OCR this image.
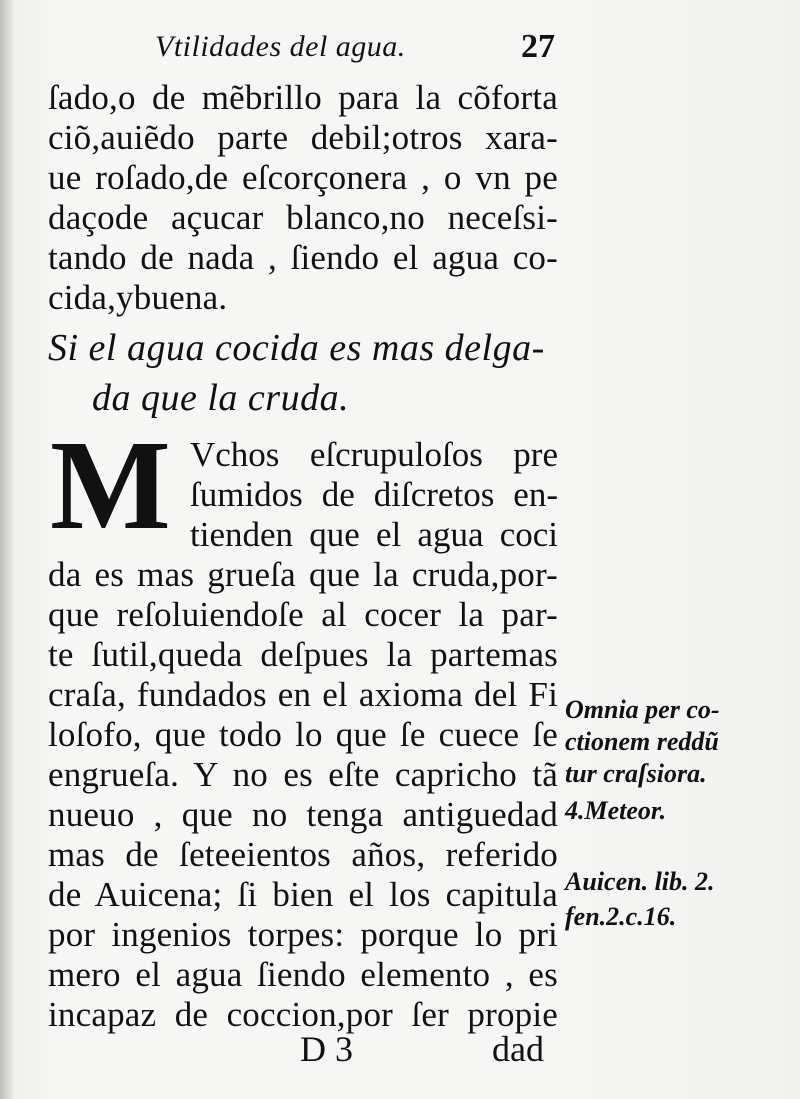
Vtilidades del agua.	27
ſado,o de mẽbrillo para la cõforta
ciõ,auiẽdo parte debil;otros xara-
ue roſado,de eſcorçonera , o vn pe
daçode açucar blanco,no neceſsi-
tando de nada , ſiendo el agua co-
cida,ybuena.
Si el agua cocida es mas delga-
da que la cruda.
M Vchos eſcrupuloſos pre
ſumidos de diſcretos en-
tienden que el agua coci
da es mas grueſa que la cruda,por-
que reſoluiendoſe al cocer la par-
te ſutil,queda deſpues la partemas
craſa, fundados en el axioma del Fi
loſofo, que todo lo que ſe cuece ſe
engrueſa. Y no es eſte capricho tã
nueuo , que no tenga antiguedad
mas de ſeteeientos años, referido
de Auicena; ſi bien el los capitula
por ingenios torpes: porque lo pri
mero el agua ſiendo elemento , es
incapaz de coccion,por ſer propie
Omnia per co-
ctionem reddũ
tur craſsiora.
4.Meteor.
Auicen. lib. 2.
fen.2.c.16.
D 3	dad
